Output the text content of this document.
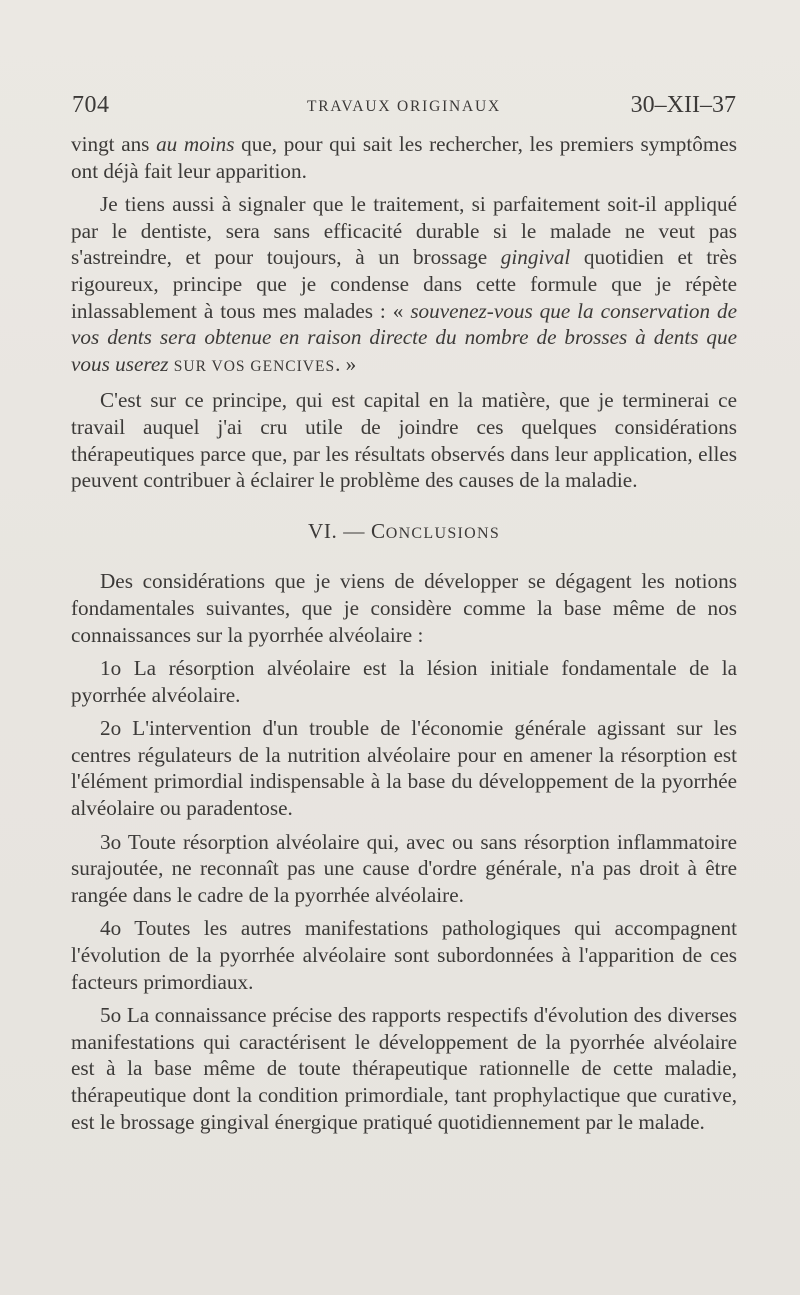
704	TRAVAUX ORIGINAUX	30–XII–37

vingt ans au moins que, pour qui sait les rechercher, les premiers symptômes ont déjà fait leur apparition.

Je tiens aussi à signaler que le traitement, si parfaitement soit-il appliqué par le dentiste, sera sans efficacité durable si le malade ne veut pas s'astreindre, et pour toujours, à un brossage gingival quotidien et très rigoureux, principe que je condense dans cette formule que je répète inlassablement à tous mes malades : « souvenez-vous que la conservation de vos dents sera obtenue en raison directe du nombre de brosses à dents que vous userez SUR VOS GENCIVES. »

C'est sur ce principe, qui est capital en la matière, que je terminerai ce travail auquel j'ai cru utile de joindre ces quelques considérations thérapeutiques parce que, par les résultats observés dans leur application, elles peuvent contribuer à éclairer le problème des causes de la maladie.

VI. — CONCLUSIONS

Des considérations que je viens de développer se dégagent les notions fondamentales suivantes, que je considère comme la base même de nos connaissances sur la pyorrhée alvéolaire :

1o La résorption alvéolaire est la lésion initiale fondamentale de la pyorrhée alvéolaire.

2o L'intervention d'un trouble de l'économie générale agissant sur les centres régulateurs de la nutrition alvéolaire pour en amener la résorption est l'élément primordial indispensable à la base du développement de la pyorrhée alvéolaire ou paradentose.

3o Toute résorption alvéolaire qui, avec ou sans résorption inflammatoire surajoutée, ne reconnaît pas une cause d'ordre générale, n'a pas droit à être rangée dans le cadre de la pyorrhée alvéolaire.

4o Toutes les autres manifestations pathologiques qui accompagnent l'évolution de la pyorrhée alvéolaire sont subordonnées à l'apparition de ces facteurs primordiaux.

5o La connaissance précise des rapports respectifs d'évolution des diverses manifestations qui caractérisent le développement de la pyorrhée alvéolaire est à la base même de toute thérapeutique rationnelle de cette maladie, thérapeutique dont la condition primordiale, tant prophylactique que curative, est le brossage gingival énergique pratiqué quotidiennement par le malade.
